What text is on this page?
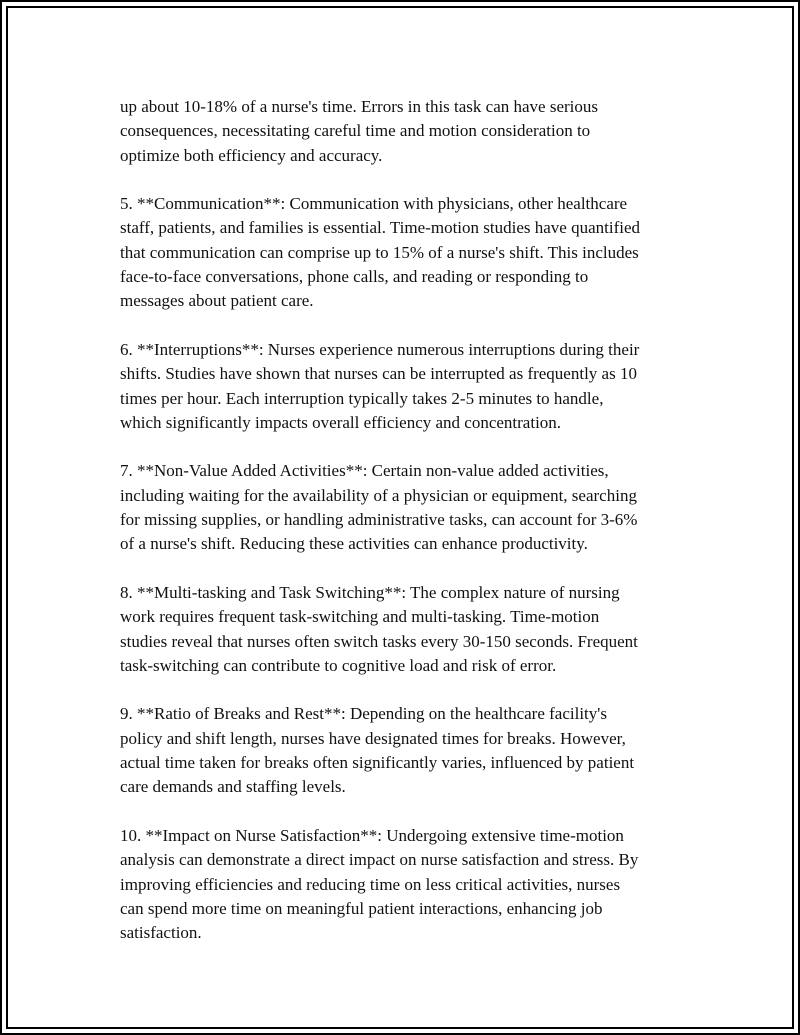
up about 10-18% of a nurse's time. Errors in this task can have serious
consequences, necessitating careful time and motion consideration to
optimize both efficiency and accuracy.

5. **Communication**: Communication with physicians, other healthcare
staff, patients, and families is essential. Time-motion studies have quantified
that communication can comprise up to 15% of a nurse's shift. This includes
face-to-face conversations, phone calls, and reading or responding to
messages about patient care.

6. **Interruptions**: Nurses experience numerous interruptions during their
shifts. Studies have shown that nurses can be interrupted as frequently as 10
times per hour. Each interruption typically takes 2-5 minutes to handle,
which significantly impacts overall efficiency and concentration.

7. **Non-Value Added Activities**: Certain non-value added activities,
including waiting for the availability of a physician or equipment, searching
for missing supplies, or handling administrative tasks, can account for 3-6%
of a nurse's shift. Reducing these activities can enhance productivity.

8. **Multi-tasking and Task Switching**: The complex nature of nursing
work requires frequent task-switching and multi-tasking. Time-motion
studies reveal that nurses often switch tasks every 30-150 seconds. Frequent
task-switching can contribute to cognitive load and risk of error.

9. **Ratio of Breaks and Rest**: Depending on the healthcare facility's
policy and shift length, nurses have designated times for breaks. However,
actual time taken for breaks often significantly varies, influenced by patient
care demands and staffing levels.

10. **Impact on Nurse Satisfaction**: Undergoing extensive time-motion
analysis can demonstrate a direct impact on nurse satisfaction and stress. By
improving efficiencies and reducing time on less critical activities, nurses
can spend more time on meaningful patient interactions, enhancing job
satisfaction.
